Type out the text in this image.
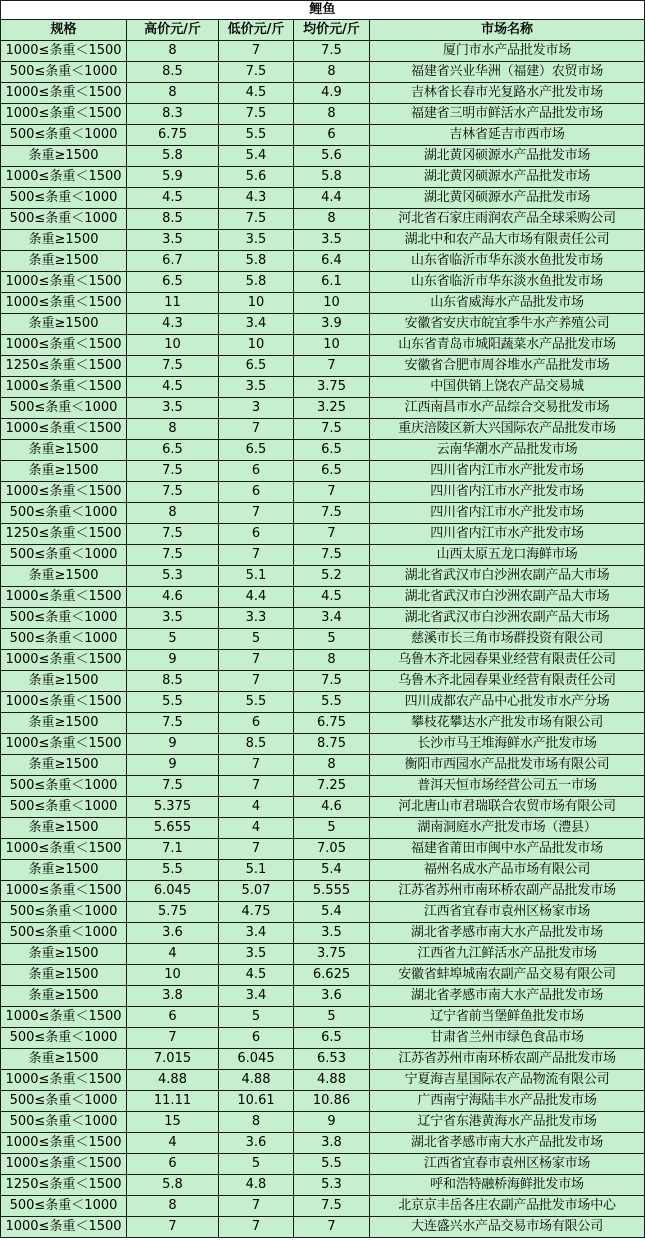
鲤鱼				
规格	高价元/斤	低价元/斤	均价元/斤	市场名称
1000≤条重＜1500	8	7	7.5	厦门市水产品批发市场
500≤条重＜1000	8.5	7.5	8	福建省兴业华洲（福建）农贸市场
1000≤条重＜1500	8	4.5	4.9	吉林省长春市光复路水产批发市场
1000≤条重＜1500	8.3	7.5	8	福建省三明市鲜活水产品批发市场
500≤条重＜1000	6.75	5.5	6	吉林省延吉市西市场
条重≥1500	5.8	5.4	5.6	湖北黄冈硕源水产品批发市场
1000≤条重＜1500	5.9	5.6	5.8	湖北黄冈硕源水产品批发市场
500≤条重＜1000	4.5	4.3	4.4	湖北黄冈硕源水产品批发市场
500≤条重＜1000	8.5	7.5	8	河北省石家庄雨润农产品全球采购公司
条重≥1500	3.5	3.5	3.5	湖北中和农产品大市场有限责任公司
条重≥1500	6.7	5.8	6.4	山东省临沂市华东淡水鱼批发市场
1000≤条重＜1500	6.5	5.8	6.1	山东省临沂市华东淡水鱼批发市场
1000≤条重＜1500	11	10	10	山东省威海水产品批发市场
条重≥1500	4.3	3.4	3.9	安徽省安庆市皖宜季牛水产养殖公司
1000≤条重＜1500	10	10	10	山东省青岛市城阳蔬菜水产品批发市场
1250≤条重＜1500	7.5	6.5	7	安徽省合肥市周谷堆水产品批发市场
1000≤条重＜1500	4.5	3.5	3.75	中国供销上饶农产品交易城
500≤条重＜1000	3.5	3	3.25	江西南昌市水产品综合交易批发市场
1000≤条重＜1500	8	7	7.5	重庆涪陵区新大兴国际农产品批发市场
条重≥1500	6.5	6.5	6.5	云南华潮水产品批发市场
条重≥1500	7.5	6	6.5	四川省内江市水产批发市场
1000≤条重＜1500	7.5	6	7	四川省内江市水产批发市场
500≤条重＜1000	8	7	7.5	四川省内江市水产批发市场
1250≤条重＜1500	7.5	6	7	四川省内江市水产批发市场
500≤条重＜1000	7.5	7	7.5	山西太原五龙口海鲜市场
条重≥1500	5.3	5.1	5.2	湖北省武汉市白沙洲农副产品大市场
1000≤条重＜1500	4.6	4.4	4.5	湖北省武汉市白沙洲农副产品大市场
500≤条重＜1000	3.5	3.3	3.4	湖北省武汉市白沙洲农副产品大市场
500≤条重＜1000	5	5	5	慈溪市长三角市场群投资有限公司
1000≤条重＜1500	9	7	8	乌鲁木齐北园春果业经营有限责任公司
条重≥1500	8.5	7	7.5	乌鲁木齐北园春果业经营有限责任公司
1000≤条重＜1500	5.5	5.5	5.5	四川成都农产品中心批发市水产分场
条重≥1500	7.5	6	6.75	攀枝花攀达水产批发市场有限公司
1000≤条重＜1500	9	8.5	8.75	长沙市马王堆海鲜水产批发市场
条重≥1500	9	7	8	衡阳市西园水产品批发市场有限公司
500≤条重＜1000	7.5	7	7.25	普洱天恒市场经营公司五一市场
500≤条重＜1000	5.375	4	4.6	河北唐山市君瑞联合农贸市场有限公司
条重≥1500	5.655	4	5	湖南洞庭水产批发市场（澧县）
1000≤条重＜1500	7.1	7	7.05	福建省莆田市闽中水产品批发市场
条重≥1500	5.5	5.1	5.4	福州名成水产品市场有限公司
1000≤条重＜1500	6.045	5.07	5.555	江苏省苏州市南环桥农副产品批发市场
500≤条重＜1000	5.75	4.75	5.4	江西省宜春市袁州区杨家市场
500≤条重＜1000	3.6	3.4	3.5	湖北省孝感市南大水产品批发市场
条重≥1500	4	3.5	3.75	江西省九江鲜活水产品批发市场
条重≥1500	10	4.5	6.625	安徽省蚌埠城南农副产品交易有限公司
条重≥1500	3.8	3.4	3.6	湖北省孝感市南大水产品批发市场
1000≤条重＜1500	6	5	5	辽宁省前当堡鲜鱼批发市场
500≤条重＜1000	7	6	6.5	甘肃省兰州市绿色食品市场
条重≥1500	7.015	6.045	6.53	江苏省苏州市南环桥农副产品批发市场
1000≤条重＜1500	4.88	4.88	4.88	宁夏海吉星国际农产品物流有限公司
500≤条重＜1000	11.11	10.61	10.86	广西南宁海陆丰水产品批发市场
500≤条重＜1000	15	8	9	辽宁省东港黄海水产品批发市场
1000≤条重＜1500	4	3.6	3.8	湖北省孝感市南大水产品批发市场
1000≤条重＜1500	6	5	5.5	江西省宜春市袁州区杨家市场
1250≤条重＜1500	5.8	4.8	5.3	呼和浩特融桥海鲜批发市场
500≤条重＜1000	8	7	7.5	北京京丰岳各庄农副产品批发市场中心
1000≤条重＜1500	7	7	7	大连盛兴水产品交易市场有限公司
